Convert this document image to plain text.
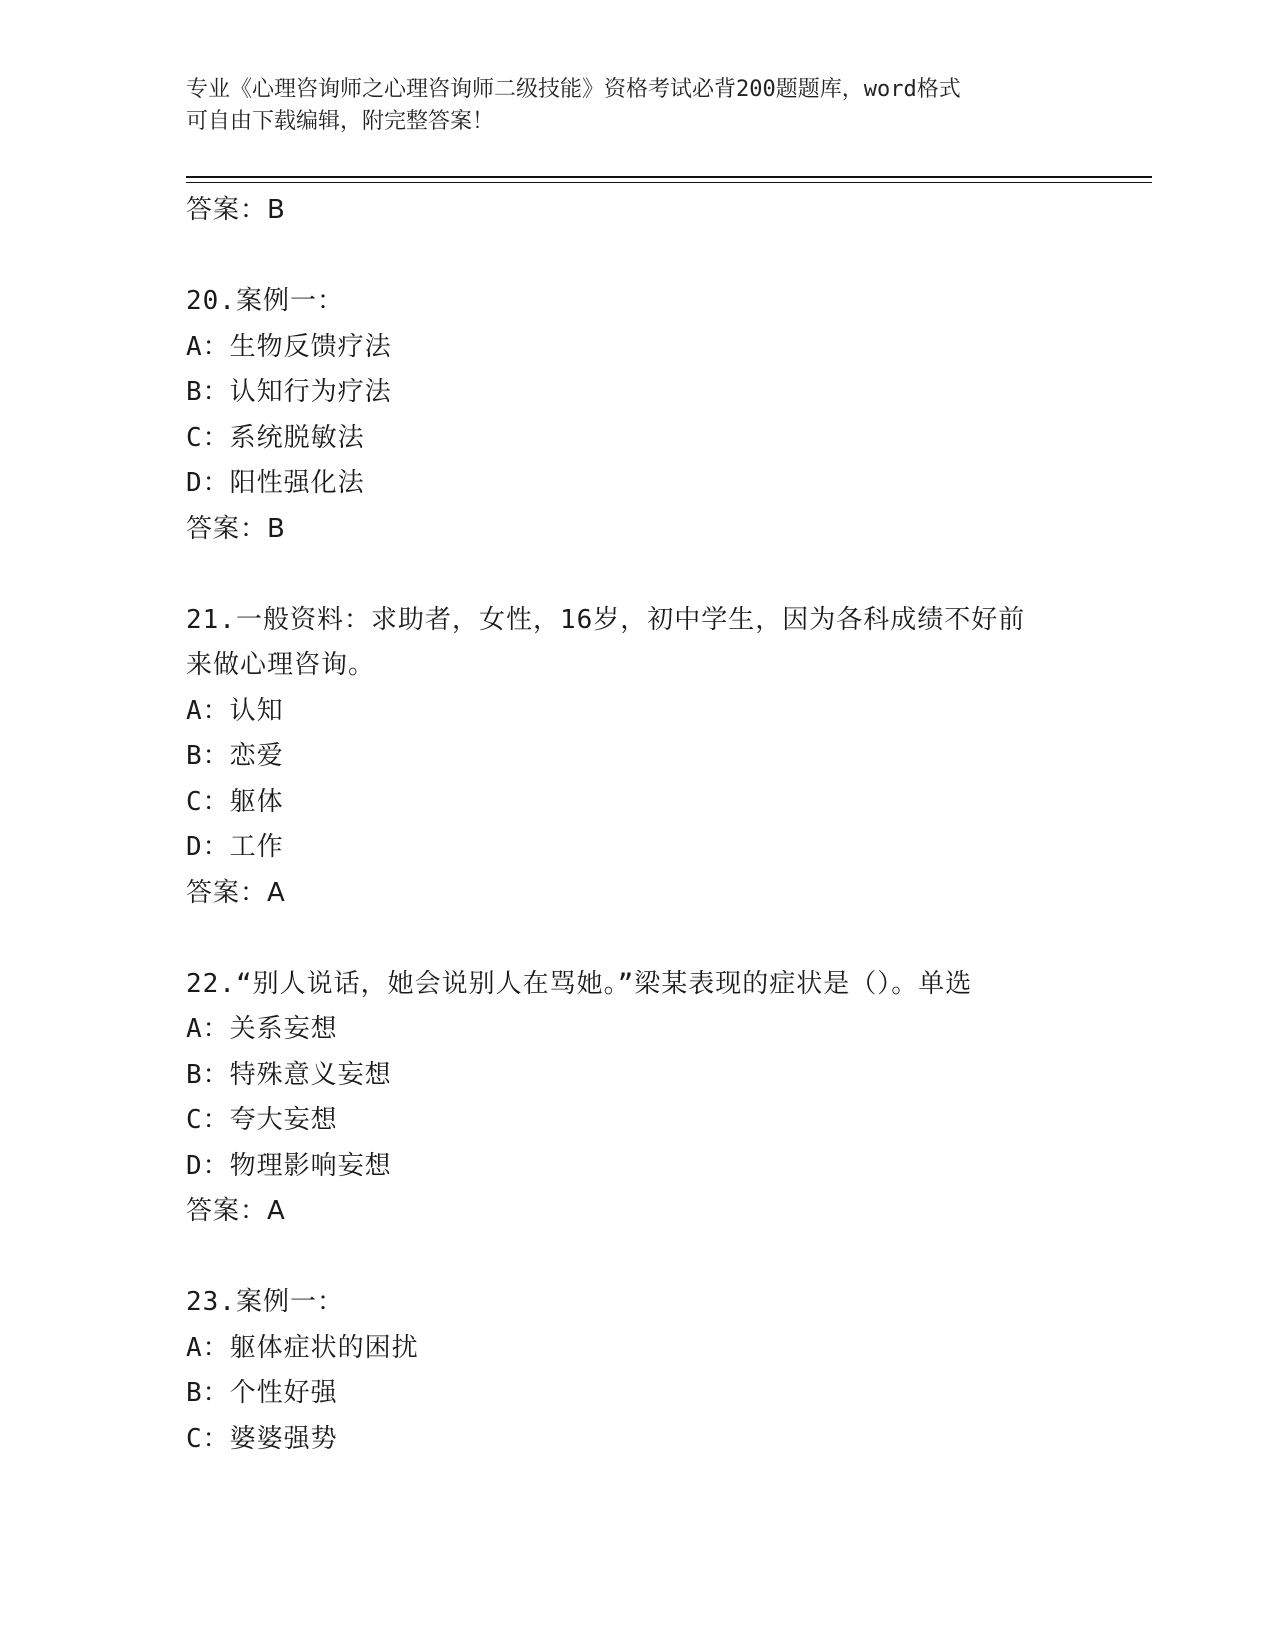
专业《心理咨询师之心理咨询师二级技能》资格考试必背200题题库，word格式
可自由下载编辑，附完整答案！
答案：B
20.案例一：
A：生物反馈疗法
B：认知行为疗法
C：系统脱敏法
D：阳性强化法
答案：B
21.一般资料：求助者，女性，16岁，初中学生，因为各科成绩不好前
来做心理咨询。
A：认知
B：恋爱
C：躯体
D：工作
答案：A
22.“别人说话，她会说别人在骂她。”梁某表现的症状是（）。单选
A：关系妄想
B：特殊意义妄想
C：夸大妄想
D：物理影响妄想
答案：A
23.案例一：
A：躯体症状的困扰
B：个性好强
C：婆婆强势
